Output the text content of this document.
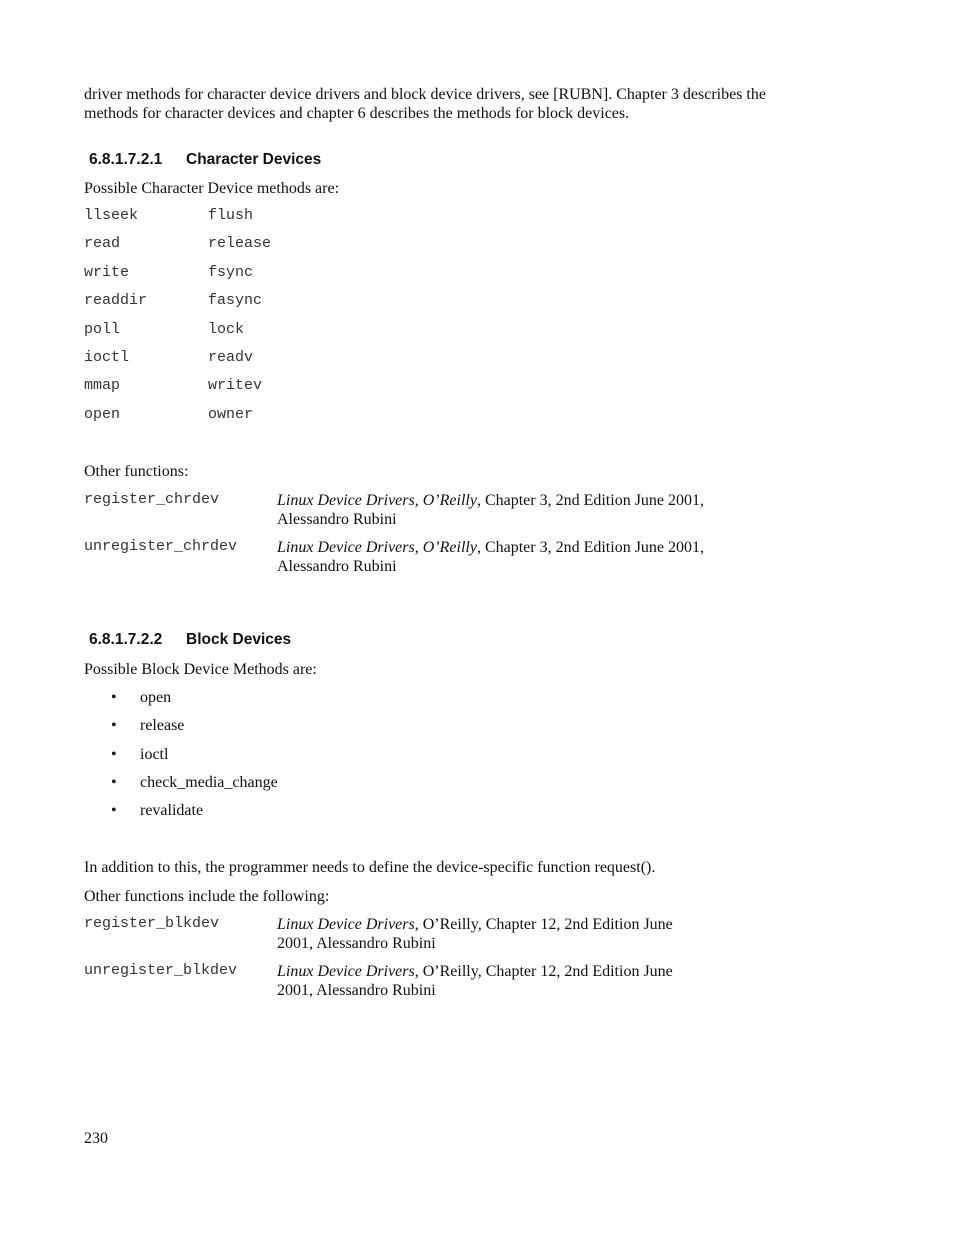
driver methods for character device drivers and block device drivers, see [RUBN]. Chapter 3 describes the

methods for character devices and chapter 6 describes the methods for block devices.

6.8.1.7.2.1 Character Devices

Possible Character Device methods are:

llseek	flush
read	release
write	fsync
readdir	fasync
poll	lock
ioctl	readv
mmap	writev
open	owner

Other functions:

register_chrdev	Linux Device Drivers, O’Reilly, Chapter 3, 2nd Edition June 2001,
Alessandro Rubini
unregister_chrdev Linux Device Drivers, O’Reilly, Chapter 3, 2nd Edition June 2001,
Alessandro Rubini
6.8.1.7.2.2 Block Devices

Possible Block Device Methods are:

• open
• release
• ioctl
• check_media_change
• revalidate

In addition to this, the programmer needs to define the device-specific function request().

Other functions include the following:

register_blkdev	Linux Device Drivers, O’Reilly, Chapter 12, 2nd Edition June
2001, Alessandro Rubini
unregister_blkdev Linux Device Drivers, O’Reilly, Chapter 12, 2nd Edition June
2001, Alessandro Rubini
230
